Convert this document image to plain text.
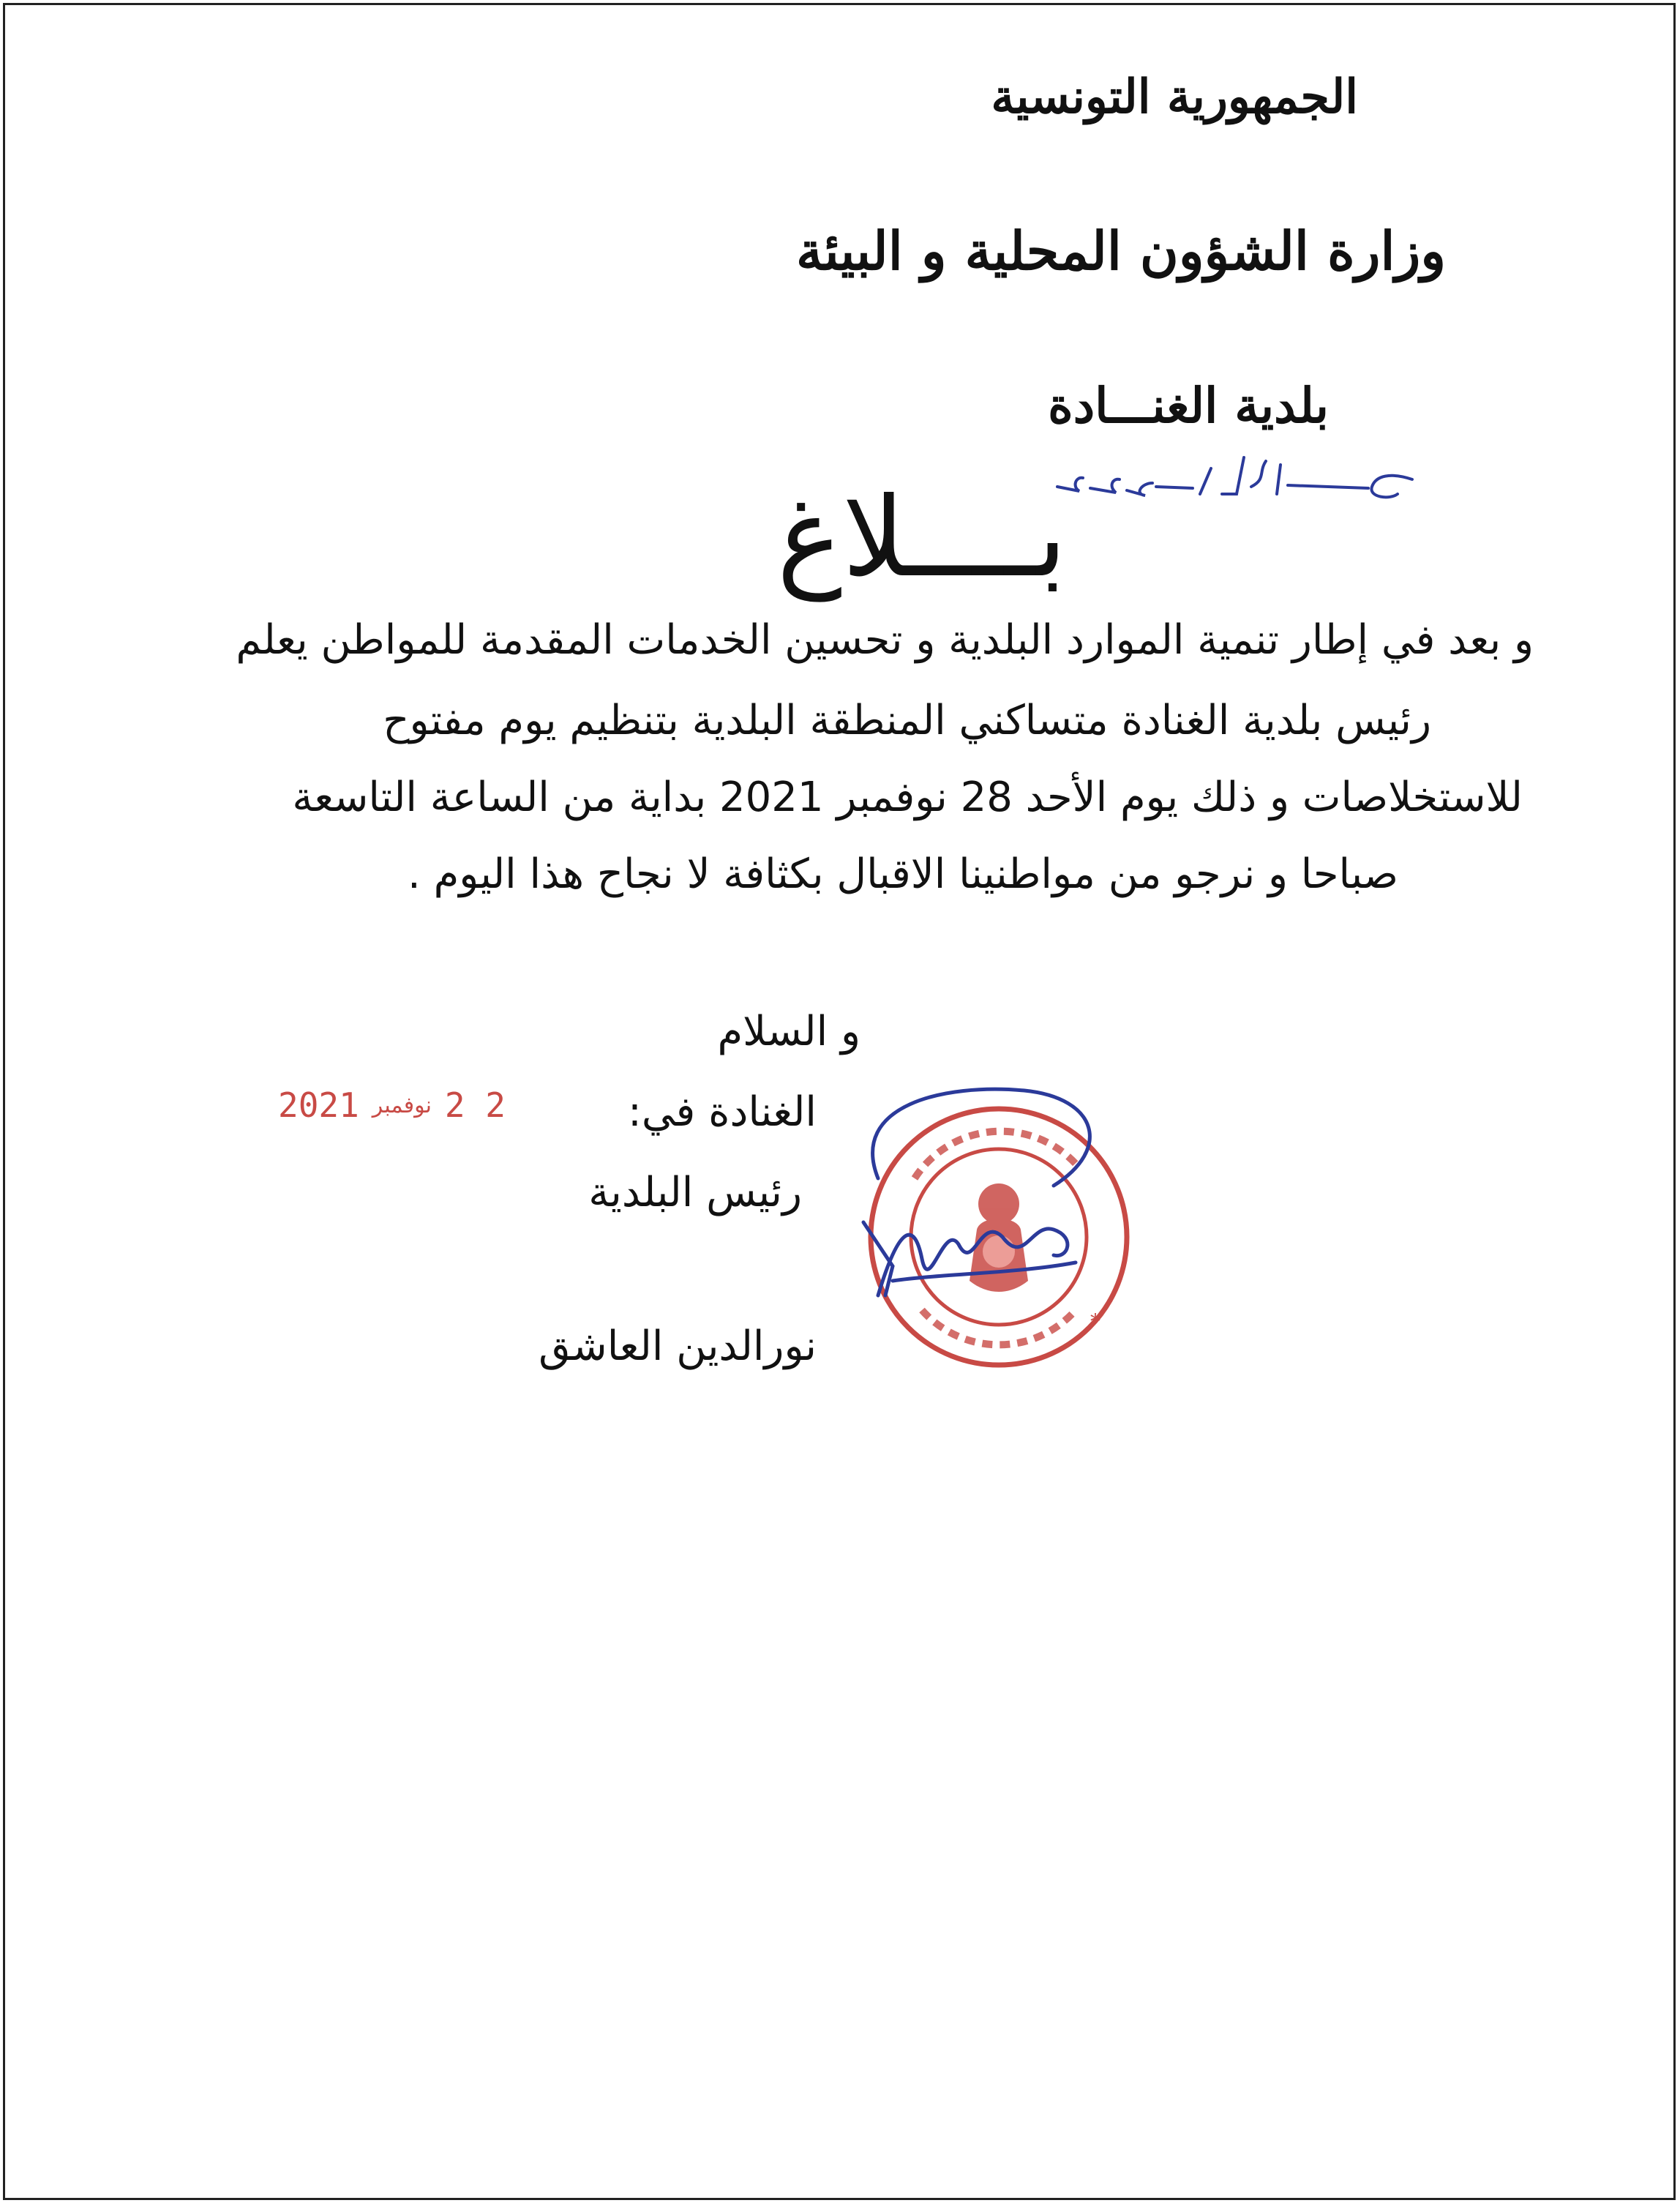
الجمهورية التونسية
وزارة الشؤون المحلية و البيئة
بلدية الغنـــادة
عدد 1245
بــــلاغ
و بعد في إطار تنمية الموارد البلدية و تحسين الخدمات المقدمة للمواطن يعلم
رئيس بلدية الغنادة متساكني المنطقة البلدية بتنظيم يوم مفتوح
للاستخلاصات و ذلك يوم الأحد 28 نوفمبر 2021 بداية من الساعة التاسعة
صباحا و نرجو من مواطنينا الاقبال بكثافة لا نجاح هذا اليوم .
و السلام
الغنادة في:
رئيس البلدية
نورالدين العاشق
2021 نوفمبر 2 2
*
